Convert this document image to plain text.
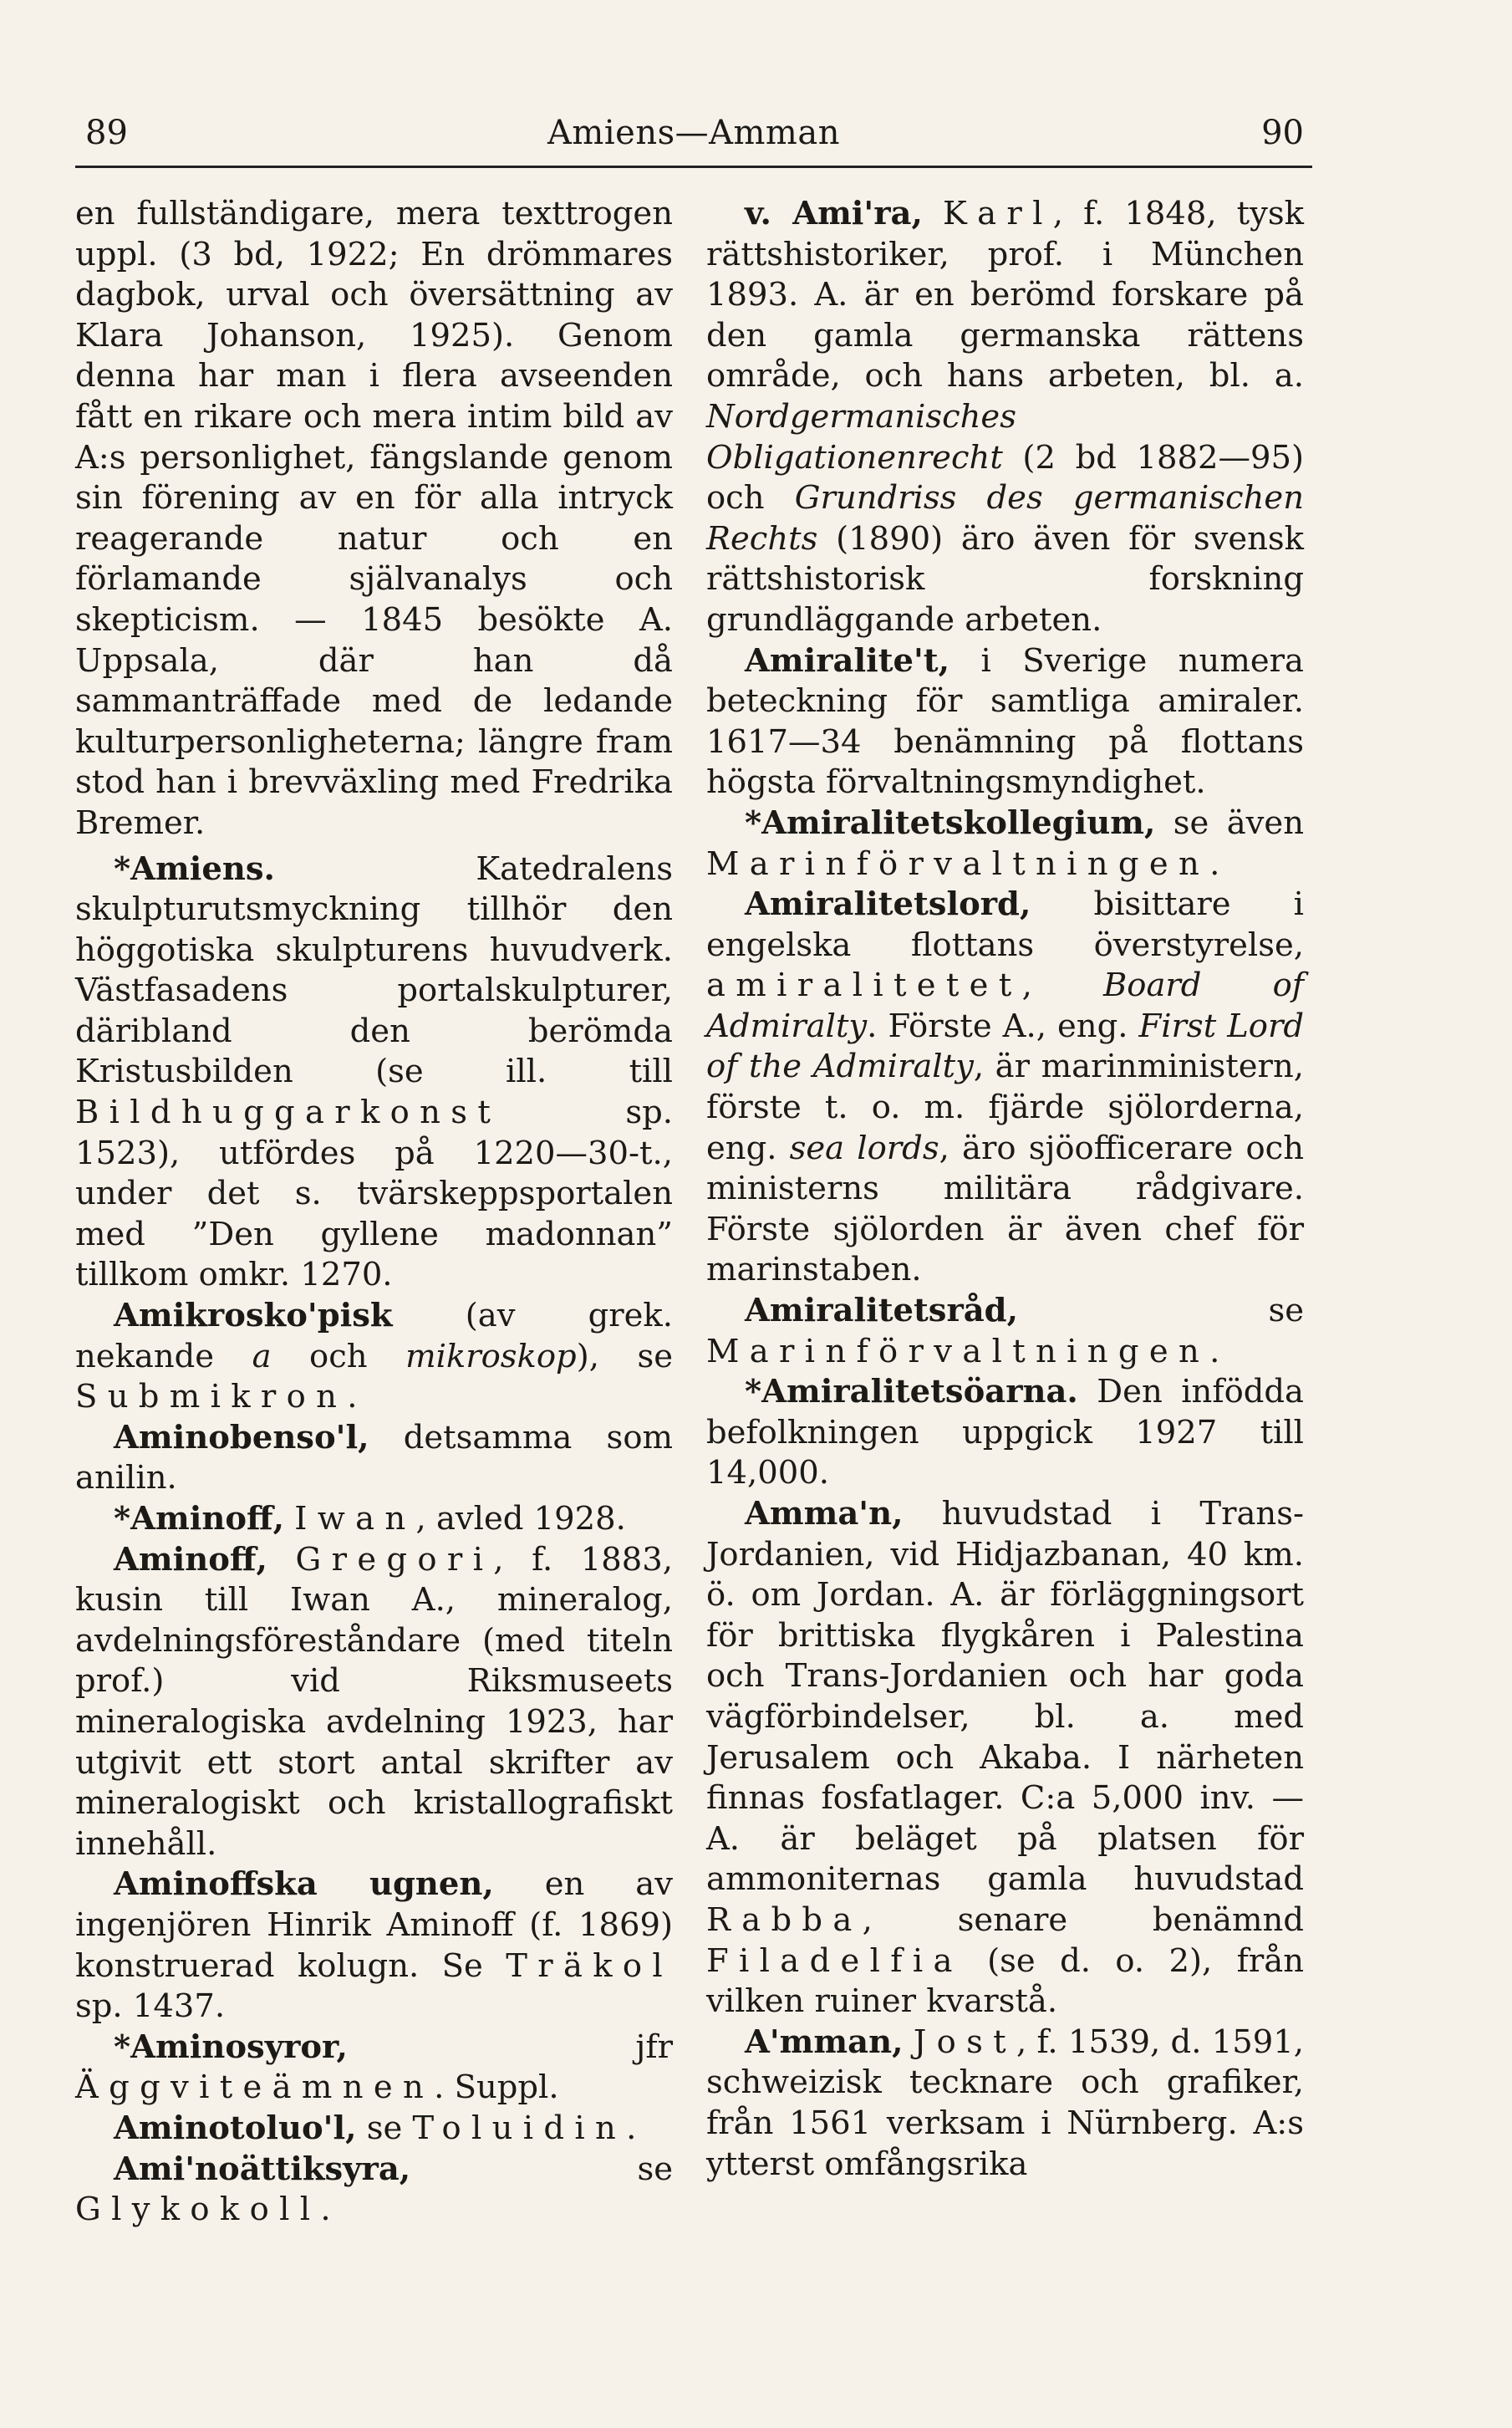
89	Amiens—Amman	90

en fullständigare, mera texttrogen uppl. (3 bd, 1922; En drömmares dagbok, urval och översättning av Klara Johanson, 1925). Genom denna har man i flera avseenden fått en rikare och mera intim bild av A:s personlighet, fängslande genom sin förening av en för alla intryck reagerande natur och en förlamande självanalys och skepticism. — 1845 besökte A. Uppsala, där han då sammanträffade med de ledande kulturpersonligheterna; längre fram stod han i brevväxling med Fredrika Bremer.

*Amiens. Katedralens skulpturutsmyckning tillhör den höggotiska skulpturens huvudverk. Västfasadens portalskulpturer, däribland den berömda Kristusbilden (se ill. till Bildhuggarkonst sp. 1523), utfördes på 1220—30-t., under det s. tvärskeppsportalen med ”Den gyllene madonnan” tillkom omkr. 1270.

Amikrosko'pisk (av grek. nekande a och mikroskop), se Submikron.

Aminobenso'l, detsamma som anilin.

*Aminoff, Iwan, avled 1928.

Aminoff, Gregori, f. 1883, kusin till Iwan A., mineralog, avdelningsföreståndare (med titeln prof.) vid Riksmuseets mineralogiska avdelning 1923, har utgivit ett stort antal skrifter av mineralogiskt och kristallografiskt innehåll.

Aminoffska ugnen, en av ingenjören Hinrik Aminoff (f. 1869) konstruerad kolugn. Se Träkol sp. 1437.

*Aminosyror, jfr Äggviteämnen. Suppl.

Aminotoluo'l, se Toluidin.

Ami'noättiksyra, se Glykokoll.

v. Ami'ra, Karl, f. 1848, tysk rättshistoriker, prof. i München 1893. A. är en berömd forskare på den gamla germanska rättens område, och hans arbeten, bl. a. Nordgermanisches Obligationenrecht (2 bd 1882—95) och Grundriss des germanischen Rechts (1890) äro även för svensk rättshistorisk forskning grundläggande arbeten.

Amiralite't, i Sverige numera beteckning för samtliga amiraler. 1617—34 benämning på flottans högsta förvaltningsmyndighet.

*Amiralitetskollegium, se även Marinförvaltningen.

Amiralitetslord, bisittare i engelska flottans överstyrelse, amiralitetet, Board of Admiralty. Förste A., eng. First Lord of the Admiralty, är marinministern, förste t. o. m. fjärde sjölorderna, eng. sea lords, äro sjöofficerare och ministerns militära rådgivare. Förste sjölorden är även chef för marinstaben.

Amiralitetsråd, se Marinförvaltningen.

*Amiralitetsöarna. Den infödda befolkningen uppgick 1927 till 14,000.

Amma'n, huvudstad i Trans-Jordanien, vid Hidjazbanan, 40 km. ö. om Jordan. A. är förläggningsort för brittiska flygkåren i Palestina och Trans-Jordanien och har goda vägförbindelser, bl. a. med Jerusalem och Akaba. I närheten finnas fosfatlager. C:a 5,000 inv. — A. är beläget på platsen för ammoniternas gamla huvudstad Rabba, senare benämnd Filadelfia (se d. o. 2), från vilken ruiner kvarstå.

A'mman, Jost, f. 1539, d. 1591, schweizisk tecknare och grafiker, från 1561 verksam i Nürnberg. A:s ytterst omfångsrika
